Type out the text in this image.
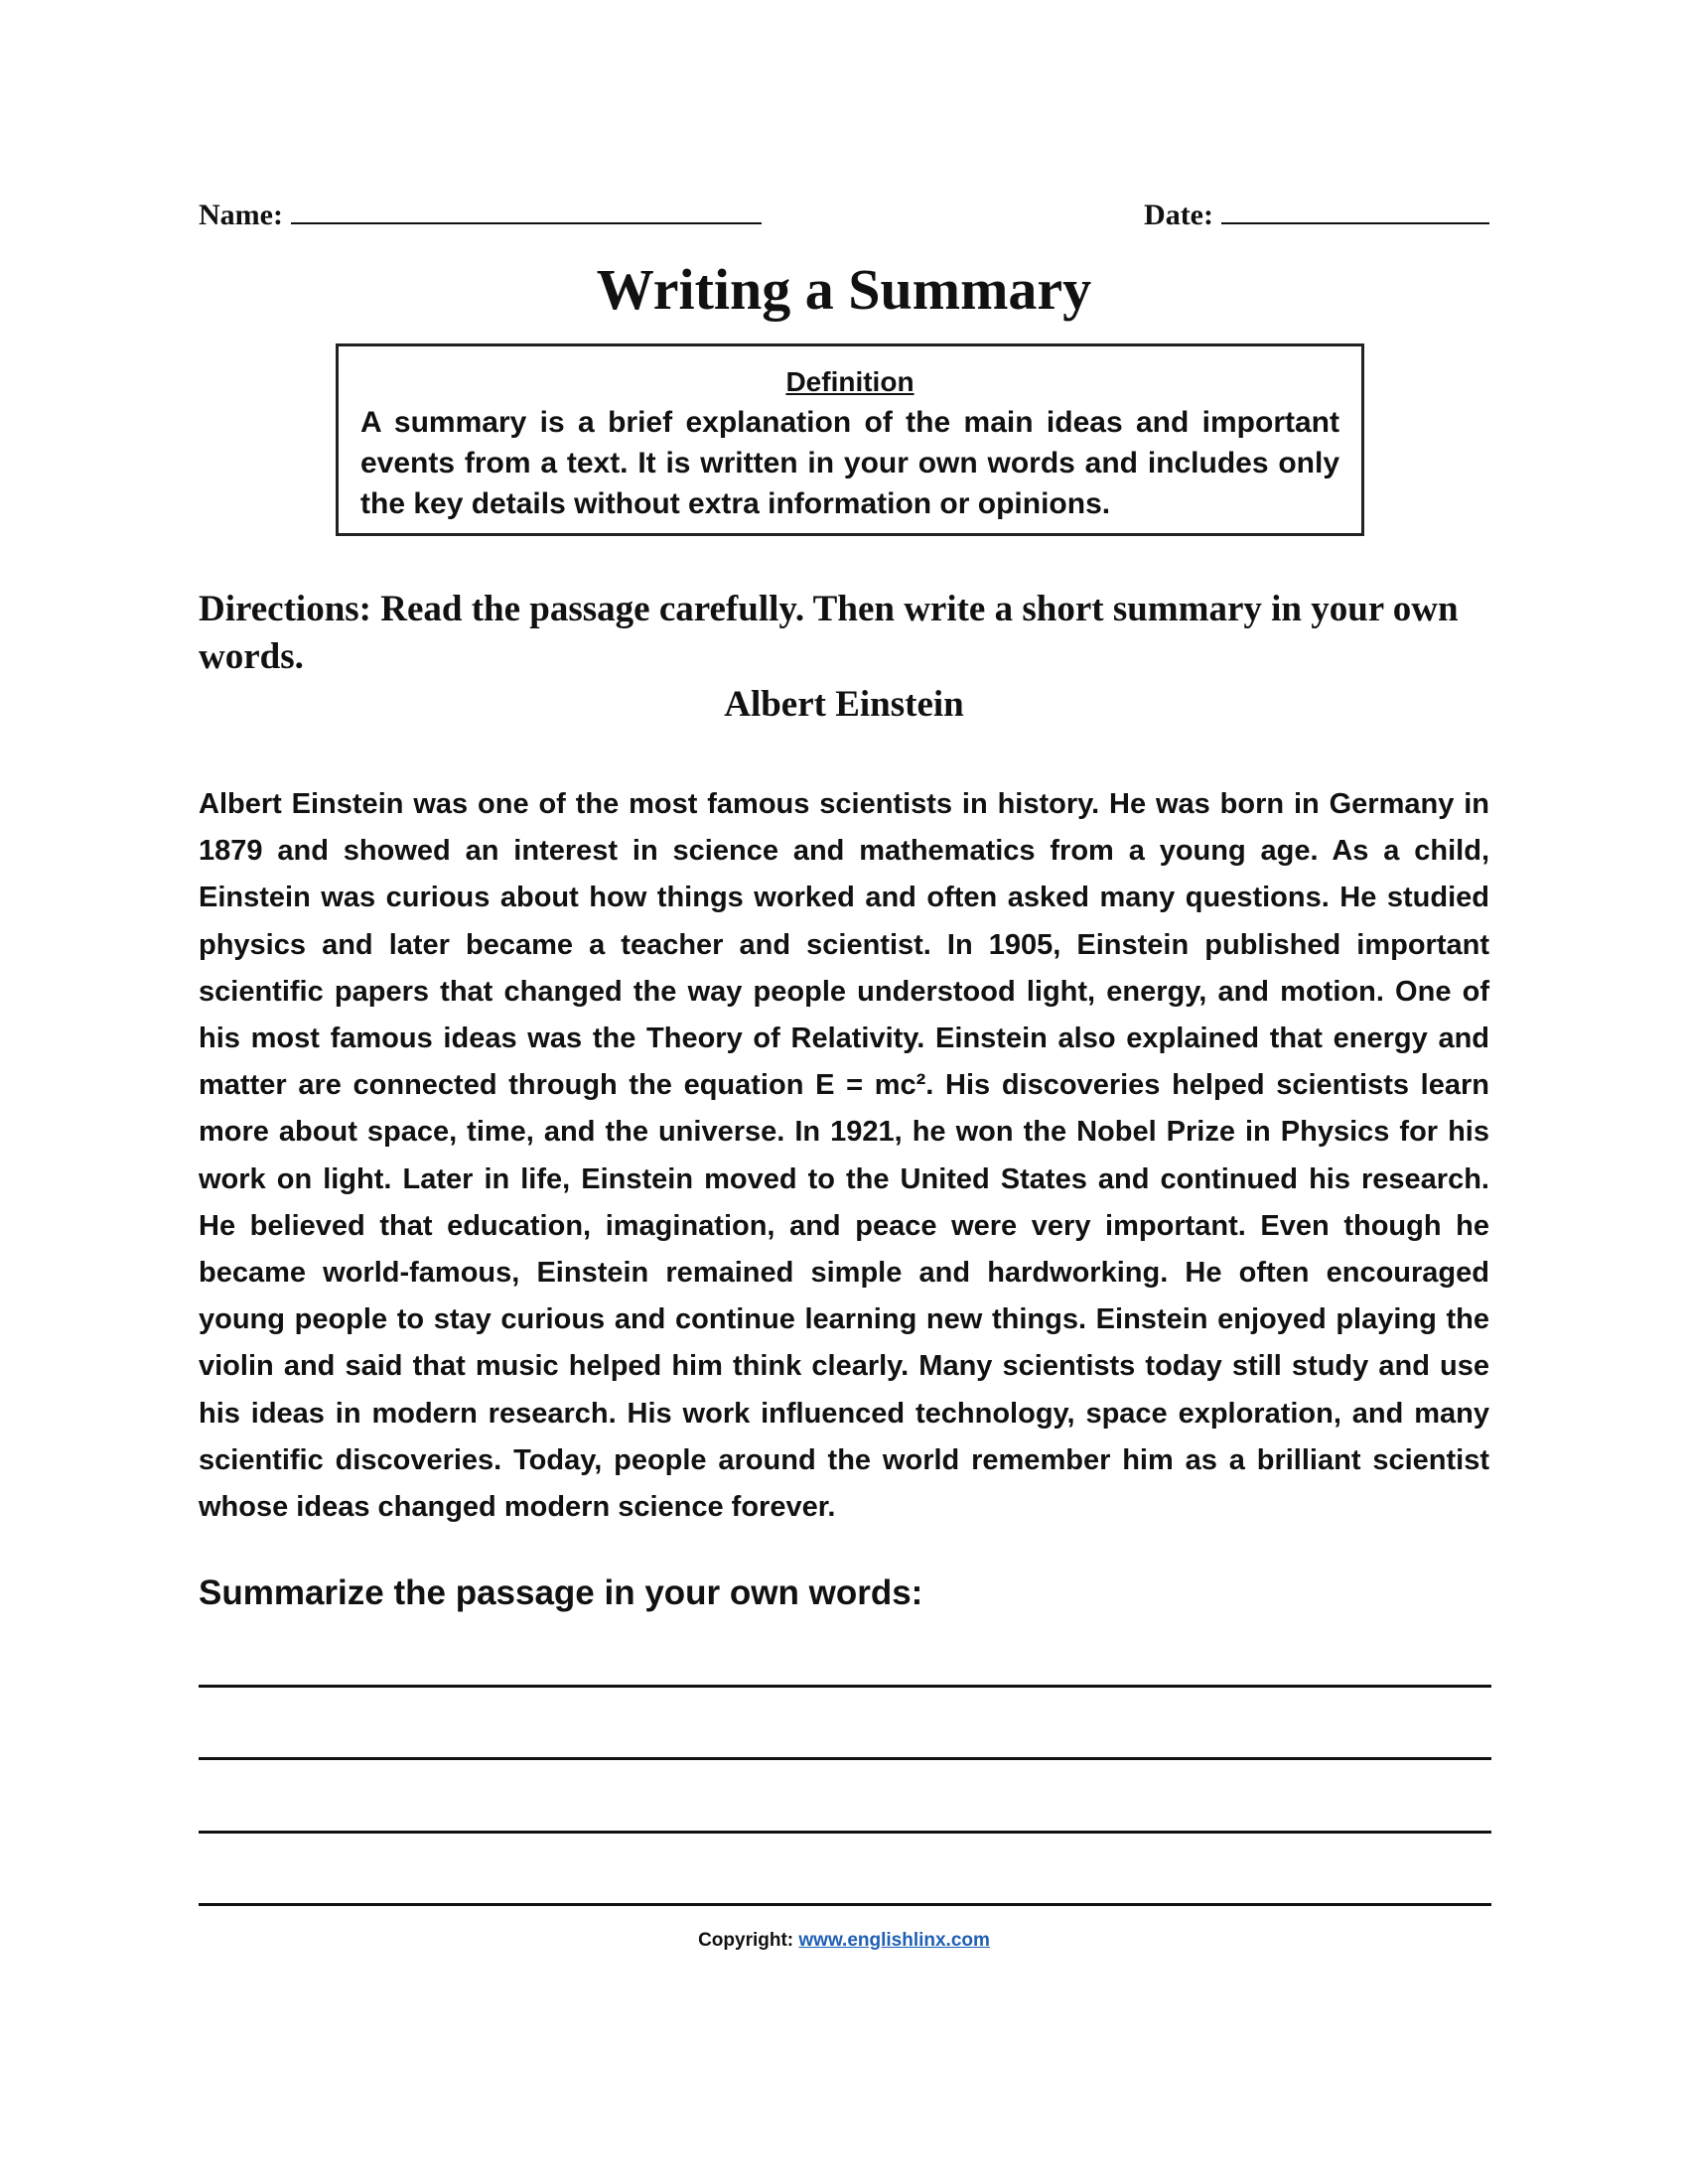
Name:	Date:
Writing a Summary

Definition

A summary is a brief explanation of the main ideas and important events from a text. It is written in your own words and includes only the key details without extra information or opinions.

Directions: Read the passage carefully. Then write a short summary in your own words.

Albert Einstein

Albert Einstein was one of the most famous scientists in history. He was born in Germany in 1879 and showed an interest in science and mathematics from a young age. As a child, Einstein was curious about how things worked and often asked many questions. He studied physics and later became a teacher and scientist. In 1905, Einstein published important scientific papers that changed the way people understood light, energy, and motion. One of his most famous ideas was the Theory of Relativity. Einstein also explained that energy and matter are connected through the equation E = mc². His discoveries helped scientists learn more about space, time, and the universe. In 1921, he won the Nobel Prize in Physics for his work on light. Later in life, Einstein moved to the United States and continued his research. He believed that education, imagination, and peace were very important. Even though he became world-famous, Einstein remained simple and hardworking. He often encouraged young people to stay curious and continue learning new things. Einstein enjoyed playing the violin and said that music helped him think clearly. Many scientists today still study and use his ideas in modern research. His work influenced technology, space exploration, and many scientific discoveries. Today, people around the world remember him as a brilliant scientist whose ideas changed modern science forever.

Summarize the passage in your own words:

Copyright: www.englishlinx.com
